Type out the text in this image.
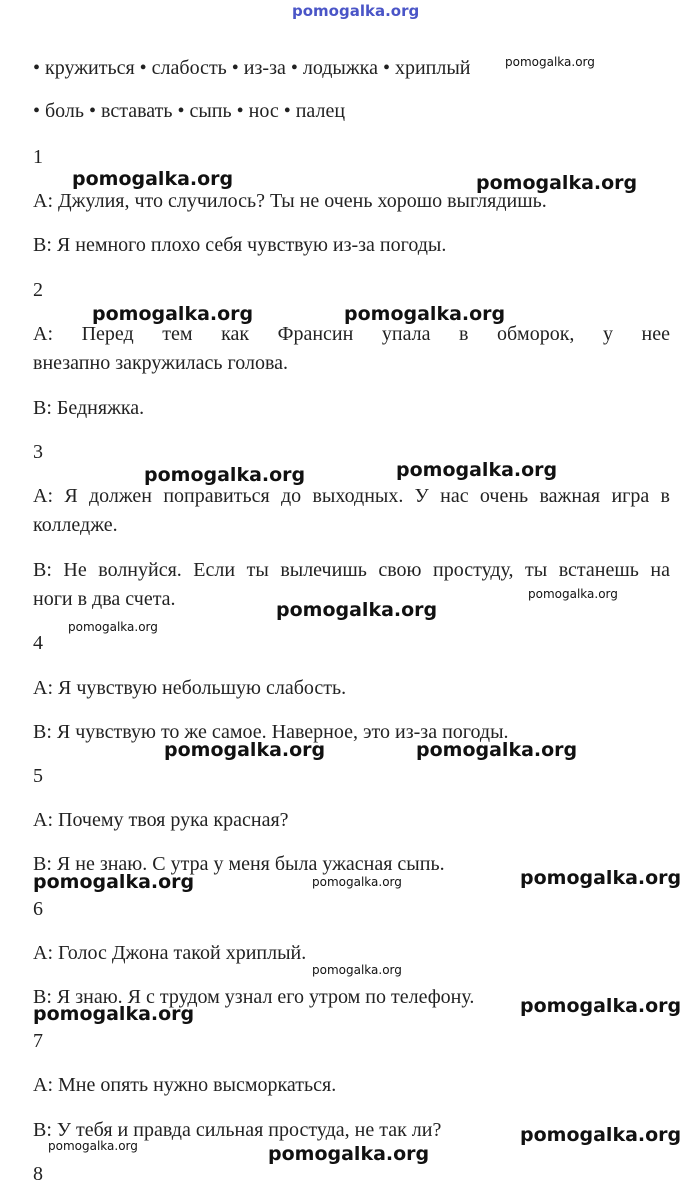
pomogalka.org
• кружиться • слабость • из-за • лодыжка • хриплый
• боль • вставать • сыпь • нос • палец
1
А: Джулия, что случилось? Ты не очень хорошо выглядишь.
В: Я немного плохо себя чувствую из-за погоды.
2
А: Перед тем как Франсин упала в обморок, у нее
внезапно закружилась голова.
В: Бедняжка.
3
А: Я должен поправиться до выходных. У нас очень важная игра в
колледже.
В: Не волнуйся. Если ты вылечишь свою простуду, ты встанешь на
ноги в два счета.
4
А: Я чувствую небольшую слабость.
В: Я чувствую то же самое. Наверное, это из-за погоды.
5
А: Почему твоя рука красная?
В: Я не знаю. С утра у меня была ужасная сыпь.
6
А: Голос Джона такой хриплый.
В: Я знаю. Я с трудом узнал его утром по телефону.
7
А: Мне опять нужно высморкаться.
В: У тебя и правда сильная простуда, не так ли?
8
pomogalka.org	pomogalka.org
pomogalka.org	pomogalka.org
pomogalka.org	pomogalka.org
pomogalka.org
pomogalka.org	pomogalka.org
pomogalka.org	pomogalka.org
pomogalka.org	pomogalka.org
pomogalka.org
pomogalka.org
pomogalka.org
pomogalka.org
pomogalka.org
pomogalka.org
pomogalka.org
pomogalka.org
